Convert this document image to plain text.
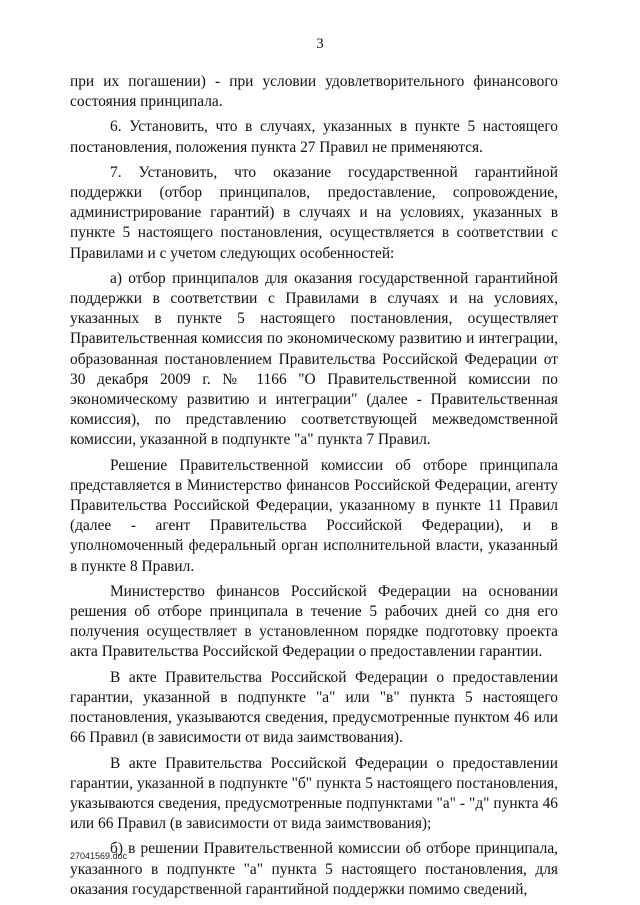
3

при их погашении) - при условии удовлетворительного финансового состояния принципала.

6. Установить, что в случаях, указанных в пункте 5 настоящего постановления, положения пункта 27 Правил не применяются.

7. Установить, что оказание государственной гарантийной поддержки (отбор принципалов, предоставление, сопровождение, администрирование гарантий) в случаях и на условиях, указанных в пункте 5 настоящего постановления, осуществляется в соответствии с Правилами и с учетом следующих особенностей:

а) отбор принципалов для оказания государственной гарантийной поддержки в соответствии с Правилами в случаях и на условиях, указанных в пункте 5 настоящего постановления, осуществляет Правительственная комиссия по экономическому развитию и интеграции, образованная постановлением Правительства Российской Федерации от 30 декабря 2009 г. № 1166 "О Правительственной комиссии по экономическому развитию и интеграции" (далее - Правительственная комиссия), по представлению соответствующей межведомственной комиссии, указанной в подпункте "а" пункта 7 Правил.

Решение Правительственной комиссии об отборе принципала представляется в Министерство финансов Российской Федерации, агенту Правительства Российской Федерации, указанному в пункте 11 Правил (далее - агент Правительства Российской Федерации), и в уполномоченный федеральный орган исполнительной власти, указанный в пункте 8 Правил.

Министерство финансов Российской Федерации на основании решения об отборе принципала в течение 5 рабочих дней со дня его получения осуществляет в установленном порядке подготовку проекта акта Правительства Российской Федерации о предоставлении гарантии.

В акте Правительства Российской Федерации о предоставлении гарантии, указанной в подпункте "а" или "в" пункта 5 настоящего постановления, указываются сведения, предусмотренные пунктом 46 или 66 Правил (в зависимости от вида заимствования).

В акте Правительства Российской Федерации о предоставлении гарантии, указанной в подпункте "б" пункта 5 настоящего постановления, указываются сведения, предусмотренные подпунктами "а" - "д" пункта 46 или 66 Правил (в зависимости от вида заимствования);

б) в решении Правительственной комиссии об отборе принципала, указанного в подпункте "а" пункта 5 настоящего постановления, для оказания государственной гарантийной поддержки помимо сведений,

27041569.doc
